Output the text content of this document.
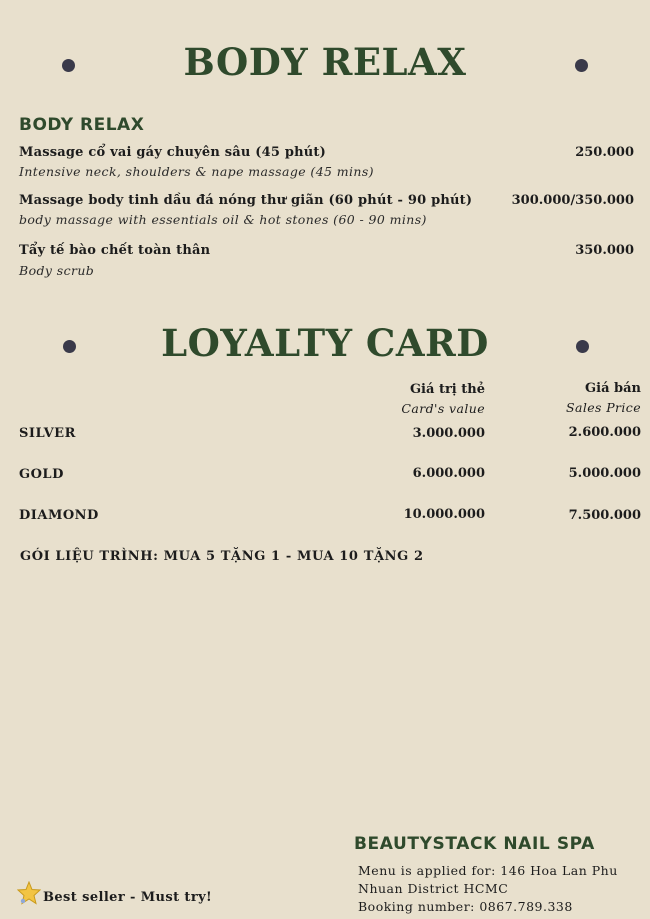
BODY RELAX
BODY RELAX
Massage cổ vai gáy chuyên sâu (45 phút)	250.000
Intensive neck, shoulders & nape massage (45 mins)
Massage body tinh dầu đá nóng thư giãn (60 phút - 90 phút)	300.000/350.000
body massage with essentials oil & hot stones (60 - 90 mins)
Tẩy tế bào chết toàn thân	350.000
Body scrub
LOYALTY CARD
Giá trị thẻ
Card's value
Giá bán
Sales Price
SILVER	3.000.000	2.600.000
GOLD	6.000.000	5.000.000
DIAMOND	10.000.000	7.500.000
GÓI LIỆU TRÌNH: MUA 5 TẶNG 1 - MUA 10 TẶNG 2
BEAUTYSTACK NAIL SPA
Menu is applied for: 146 Hoa Lan Phu
Nhuan District HCMC
Booking number: 0867.789.338
Best seller - Must try!
